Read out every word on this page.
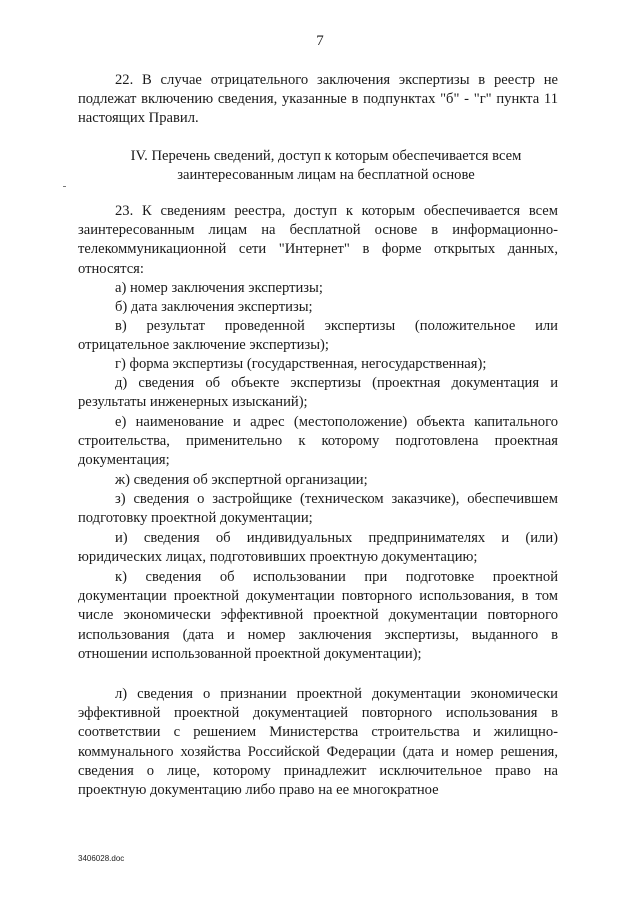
7

22. В случае отрицательного заключения экспертизы в реестр не подлежат включению сведения, указанные в подпунктах "б" - "г" пункта 11 настоящих Правил.

IV. Перечень сведений, доступ к которым обеспечивается всем заинтересованным лицам на бесплатной основе

23. К сведениям реестра, доступ к которым обеспечивается всем заинтересованным лицам на бесплатной основе в информационно-телекоммуникационной сети "Интернет" в форме открытых данных, относятся:

а) номер заключения экспертизы;

б) дата заключения экспертизы;

в) результат проведенной экспертизы (положительное или отрицательное заключение экспертизы);

г) форма экспертизы (государственная, негосударственная);

д) сведения об объекте экспертизы (проектная документация и результаты инженерных изысканий);

е) наименование и адрес (местоположение) объекта капитального строительства, применительно к которому подготовлена проектная документация;

ж) сведения об экспертной организации;

з) сведения о застройщике (техническом заказчике), обеспечившем подготовку проектной документации;

и) сведения об индивидуальных предпринимателях и (или) юридических лицах, подготовивших проектную документацию;

к) сведения об использовании при подготовке проектной документации проектной документации повторного использования, в том числе экономически эффективной проектной документации повторного использования (дата и номер заключения экспертизы, выданного в отношении использованной проектной документации);

л) сведения о признании проектной документации экономически эффективной проектной документацией повторного использования в соответствии с решением Министерства строительства и жилищно-коммунального хозяйства Российской Федерации (дата и номер решения, сведения о лице, которому принадлежит исключительное право на проектную документацию либо право на ее многократное

3406028.doc
